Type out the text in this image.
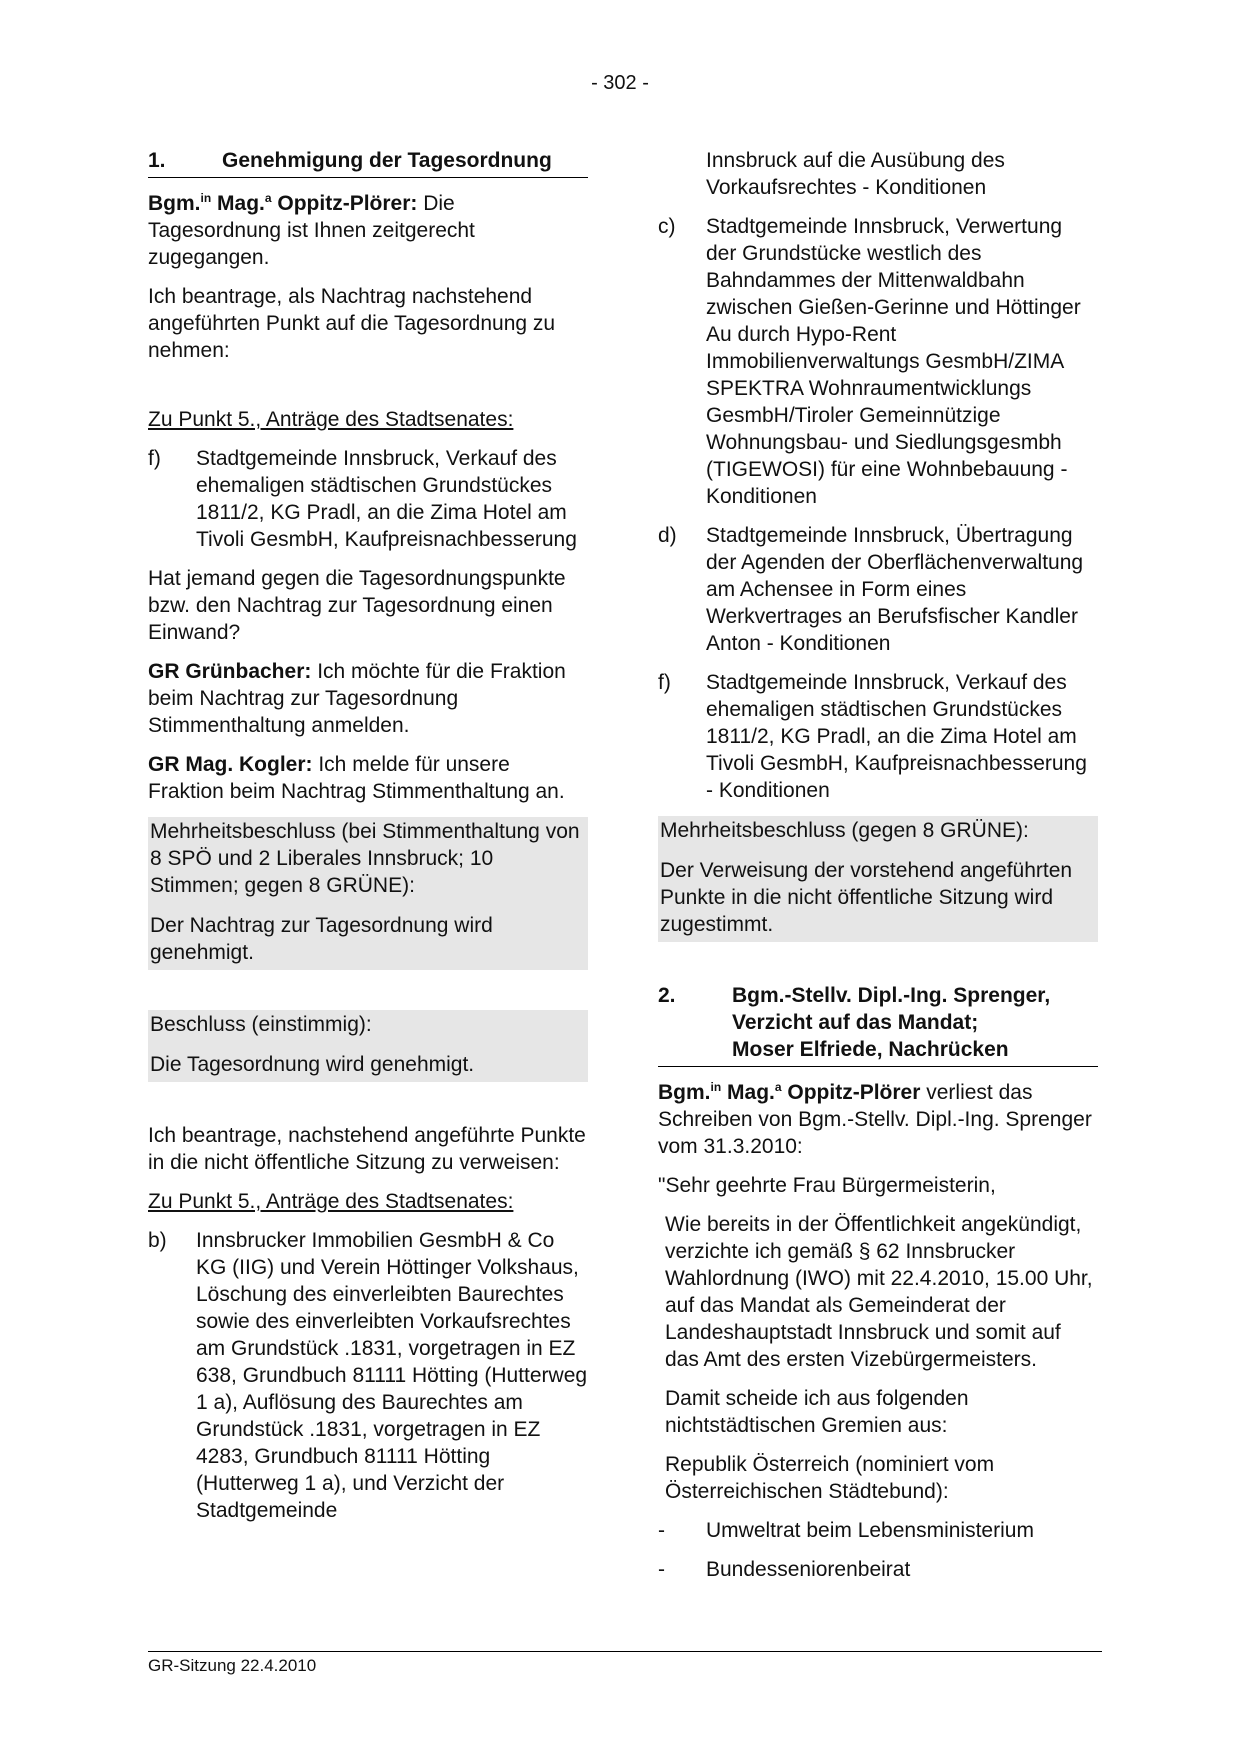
- 302 -
1.	Genehmigung der Tagesordnung

Bgm.$^{in}$ Mag.$^a$ Oppitz-Plörer: Die Tagesordnung ist Ihnen zeitgerecht zugegangen.

Ich beantrage, als Nachtrag nachstehend angeführten Punkt auf die Tagesordnung zu nehmen:

Zu Punkt 5., Anträge des Stadtsenates:

f)	Stadtgemeinde Innsbruck, Verkauf des ehemaligen städtischen Grundstückes 1811/2, KG Pradl, an die Zima Hotel am Tivoli GesmbH, Kaufpreisnachbesserung

Hat jemand gegen die Tagesordnungspunkte bzw. den Nachtrag zur Tagesordnung einen Einwand?

GR Grünbacher: Ich möchte für die Fraktion beim Nachtrag zur Tagesordnung Stimmenthaltung anmelden.

GR Mag. Kogler: Ich melde für unsere Fraktion beim Nachtrag Stimmenthaltung an.

Mehrheitsbeschluss (bei Stimmenthaltung von 8 SPÖ und 2 Liberales Innsbruck; 10 Stimmen; gegen 8 GRÜNE):

Der Nachtrag zur Tagesordnung wird genehmigt.

Beschluss (einstimmig):

Die Tagesordnung wird genehmigt.

Ich beantrage, nachstehend angeführte Punkte in die nicht öffentliche Sitzung zu verweisen:

Zu Punkt 5., Anträge des Stadtsenates:

b)	Innsbrucker Immobilien GesmbH & Co KG (IIG) und Verein Höttinger Volkshaus, Löschung des einverleibten Baurechtes sowie des einverleibten Vorkaufsrechtes am Grundstück .1831, vorgetragen in EZ 638, Grundbuch 81111 Hötting (Hutterweg 1 a), Auflösung des Baurechtes am Grundstück .1831, vorgetragen in EZ 4283, Grundbuch 81111 Hötting (Hutterweg 1 a), und Verzicht der Stadtgemeinde

Innsbruck auf die Ausübung des Vorkaufsrechtes - Konditionen

c)	Stadtgemeinde Innsbruck, Verwertung der Grundstücke westlich des Bahndammes der Mittenwaldbahn zwischen Gießen-Gerinne und Höttinger Au durch Hypo-Rent Immobilienverwaltungs GesmbH/ZIMA SPEKTRA Wohnraumentwicklungs GesmbH/Tiroler Gemeinnützige Wohnungsbau- und Siedlungsgesmbh (TIGEWOSI) für eine Wohnbebauung - Konditionen
d)	Stadtgemeinde Innsbruck, Übertragung der Agenden der Oberflächenverwaltung am Achensee in Form eines Werkvertrages an Berufsfischer Kandler Anton - Konditionen
f)	Stadtgemeinde Innsbruck, Verkauf des ehemaligen städtischen Grundstückes 1811/2, KG Pradl, an die Zima Hotel am Tivoli GesmbH, Kaufpreisnachbesserung - Konditionen

Mehrheitsbeschluss (gegen 8 GRÜNE):

Der Verweisung der vorstehend angeführten Punkte in die nicht öffentliche Sitzung wird zugestimmt.

2.	Bgm.-Stellv. Dipl.-Ing. Sprenger,
Verzicht auf das Mandat;
Moser Elfriede, Nachrücken

Bgm.$^{in}$ Mag.$^a$ Oppitz-Plörer verliest das Schreiben von Bgm.-Stellv. Dipl.-Ing. Sprenger vom 31.3.2010:

"Sehr geehrte Frau Bürgermeisterin,

Wie bereits in der Öffentlichkeit angekündigt, verzichte ich gemäß § 62 Innsbrucker Wahlordnung (IWO) mit 22.4.2010, 15.00 Uhr, auf das Mandat als Gemeinderat der Landeshauptstadt Innsbruck und somit auf das Amt des ersten Vizebürgermeisters.

Damit scheide ich aus folgenden nichtstädtischen Gremien aus:

Republik Österreich (nominiert vom Österreichischen Städtebund):

-	Umweltrat beim Lebensministerium
-	Bundesseniorenbeirat
GR-Sitzung 22.4.2010
